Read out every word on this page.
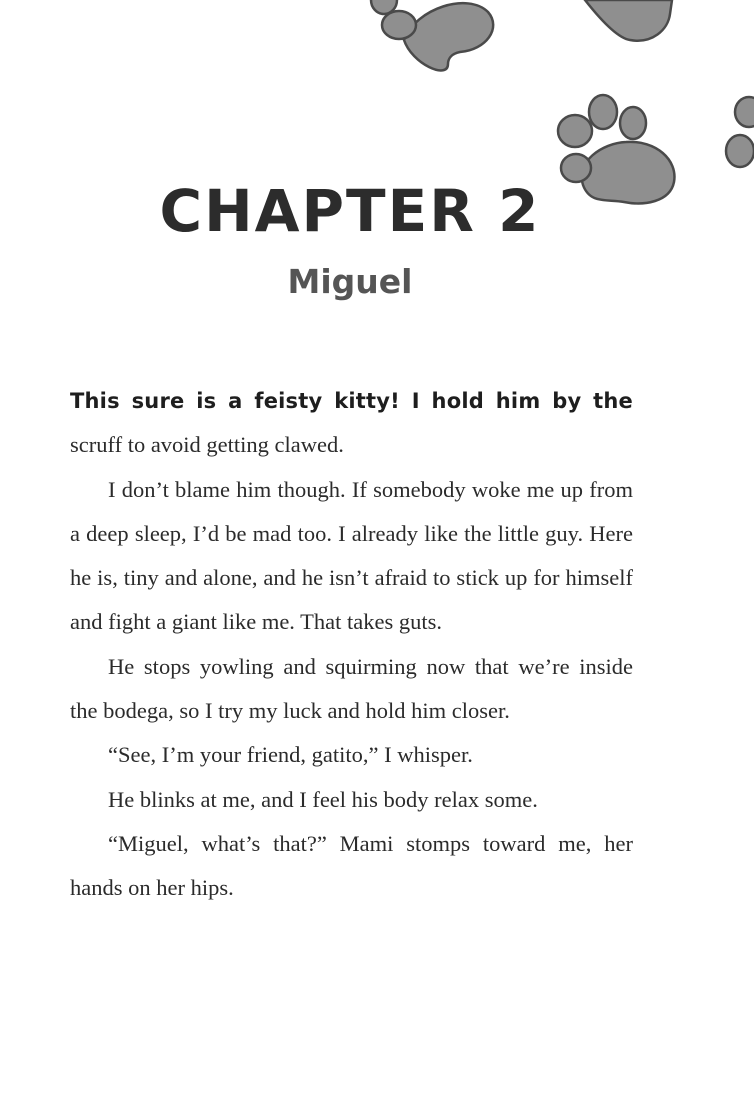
CHAPTER 2
Miguel

This sure is a feisty kitty! I hold him by the scruff to avoid getting clawed.

I don’t blame him though. If somebody woke me up from a deep sleep, I’d be mad too. I already like the little guy. Here he is, tiny and alone, and he isn’t afraid to stick up for himself and fight a giant like me. That takes guts.

He stops yowling and squirming now that we’re inside the bodega, so I try my luck and hold him closer.

“See, I’m your friend, gatito,” I whisper.

He blinks at me, and I feel his body relax some.

“Miguel, what’s that?” Mami stomps toward me, her hands on her hips.
